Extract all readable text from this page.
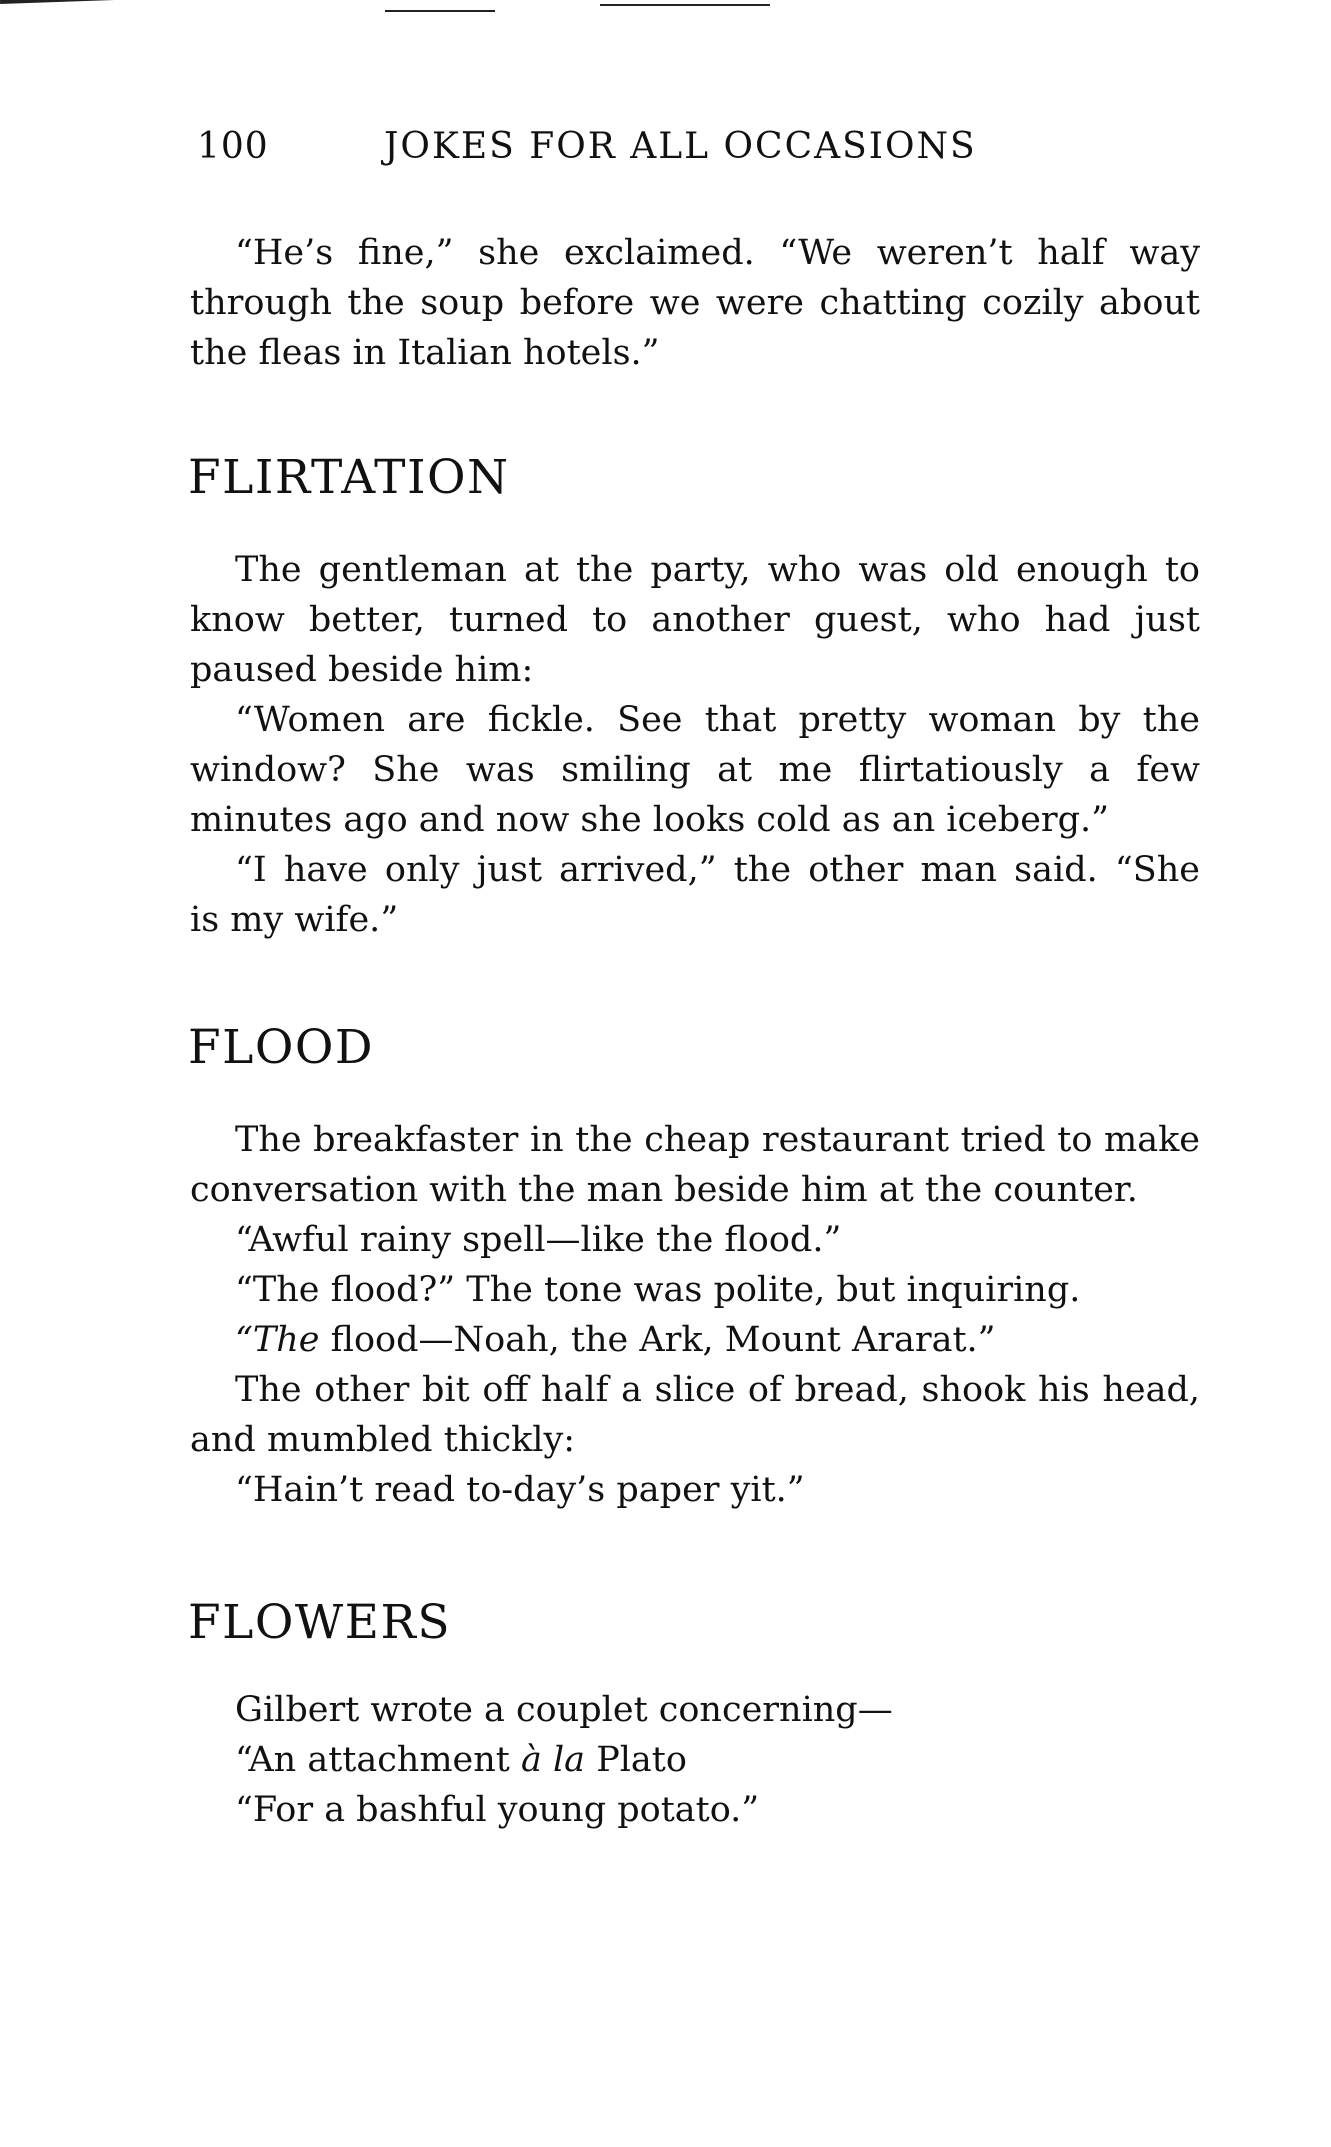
100	JOKES FOR ALL OCCASIONS
“He’s fine,” she exclaimed. “We weren’t half way
through the soup before we were chatting cozily about
the fleas in Italian hotels.”
FLIRTATION
The gentleman at the party, who was old enough to
know better, turned to another guest, who had just
paused beside him:
“Women are fickle. See that pretty woman by the
window? She was smiling at me flirtatiously a few
minutes ago and now she looks cold as an iceberg.”
“I have only just arrived,” the other man said. “She
is my wife.”
FLOOD
The breakfaster in the cheap restaurant tried to make
conversation with the man beside him at the counter.
“Awful rainy spell—like the flood.”
“The flood?” The tone was polite, but inquiring.
“The flood—Noah, the Ark, Mount Ararat.”
The other bit off half a slice of bread, shook his head,
and mumbled thickly:
“Hain’t read to-day’s paper yit.”
FLOWERS
Gilbert wrote a couplet concerning—
“An attachment à la Plato
“For a bashful young potato.”
